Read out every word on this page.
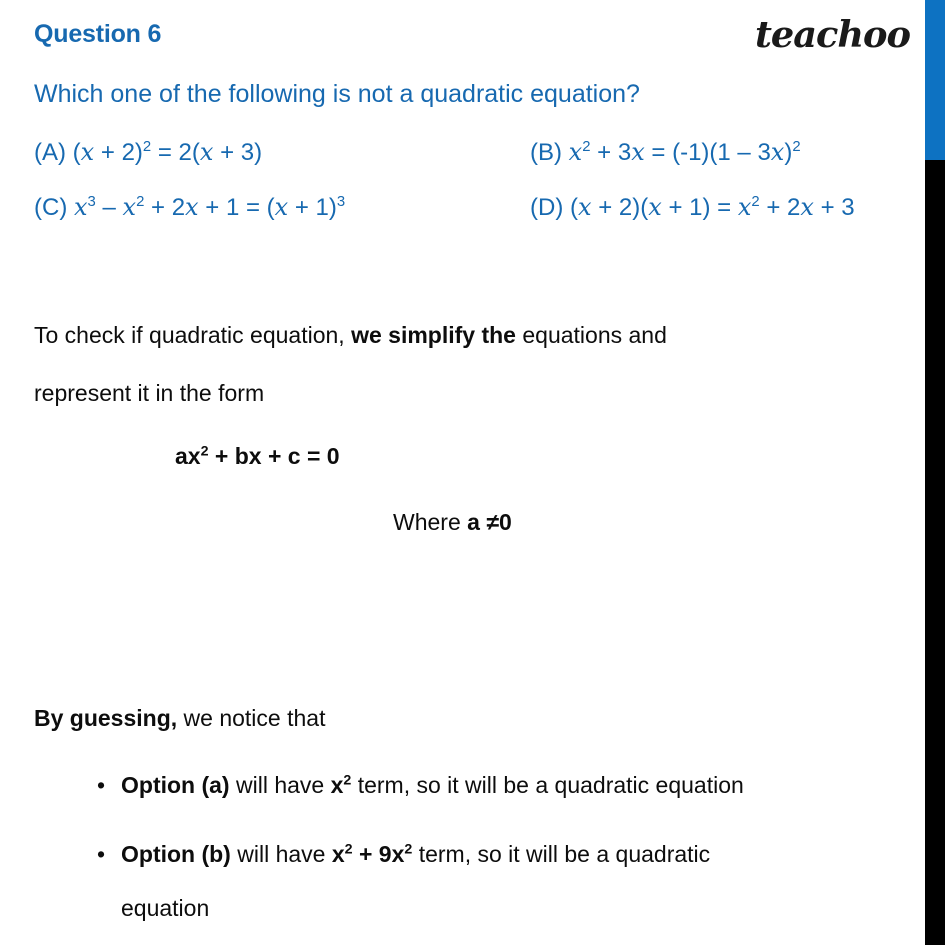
Question 6	teachoo
Which one of the following is not a quadratic equation?
(A) $(x + 2)^2 = 2(x + 3)$	(B) $x^2 + 3x = (-1)(1 - 3x)^2$
(C) $x^3 - x^2 + 2x + 1 = (x + 1)^3$	(D) $(x + 2)(x + 1) = x^2 + 2x + 3$
To check if quadratic equation, we simplify the equations and
represent it in the form
$ax^2$ + bx + c = 0
Where a ≠0
By guessing, we notice that
• Option (a) will have $x^2$ term, so it will be a quadratic equation
• Option (b) will have $x^2 + 9x^2$ term, so it will be a quadratic
equation
